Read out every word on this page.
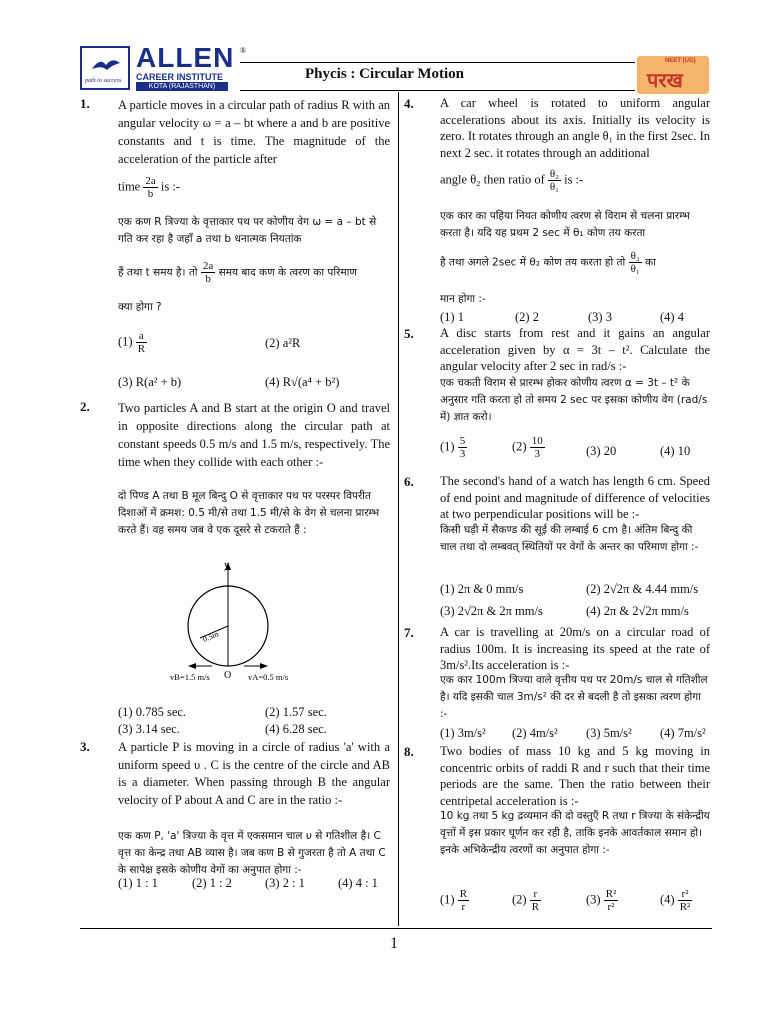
path to success
ALLEN
CAREER INSTITUTE
KOTA (RAJASTHAN)
®
Phycis : Circular Motion
NEET (UG)
परख
1. A particle moves in a circular path of radius R with an angular velocity ω = a – bt where a and b are positive constants and t is time. The magnitude of the acceleration of the particle after
time $\frac{2a}{b}$ is :-
एक कण R त्रिज्या के वृत्ताकार पथ पर कोणीय वेग ω = a – bt से गति कर रहा है जहाँ a तथा b धनात्मक नियतांक
हैं तथा t समय है। तो $\frac{2a}{b}$ समय बाद कण के त्वरण का परिमाण
क्या होगा ?
$(1) \frac{a}{R}$	(2) a²R
(3) R(a² + b)	(4) R√(a⁴ + b²)
2. Two particles A and B start at the origin O and travel in opposite directions along the circular path at constant speeds 0.5 m/s and 1.5 m/s, respectively. The time when they collide with each other :-
दो पिण्ड A तथा B मूल बिन्दु O से वृत्ताकार पथ पर परस्पर विपरीत दिशाओं में क्रमश: 0.5 मी/से तथा 1.5 मी/से के वेग से चलना प्रारम्भ करते हैं। वह समय जब वे एक दूसरे से टकराते हैं :
y
0.5m
vB=1.5 m/s O vA=0.5 m/s
(1) 0.785 sec.	(2) 1.57 sec.
(3) 3.14 sec.	(4) 6.28 sec.
3. A particle P is moving in a circle of radius 'a' with a uniform speed υ . C is the centre of the circle and AB is a diameter. When passing through B the angular velocity of P about A and C are in the ratio :-
एक कण P, 'a' त्रिज्या के वृत्त में एकसमान चाल υ से गतिशील है। C वृत्त का केन्द्र तथा AB व्यास है। जब कण B से गुजरता है तो A तथा C के सापेक्ष इसके कोणीय वेगों का अनुपात होगा :-
(1) 1 : 1	(2) 1 : 2	(3) 2 : 1	(4) 4 : 1
4. A car wheel is rotated to uniform angular accelerations about its axis. Initially its velocity is zero. It rotates through an angle θ₁ in the first 2sec. In next 2 sec. it rotates through an additional
angle θ₂ then ratio of $\frac{\text{θ₂}}{\text{θ₁}}$ is :-
एक कार का पहिया नियत कोणीय त्वरण से विराम से चलना प्रारम्भ करता है। यदि यह प्रथम 2 sec में θ₁ कोण तय करता
है तथा अगले 2sec में θ₂ कोण तय करता हो तो $\frac{\text{θ₂}}{\text{θ₁}}$ का
मान होगा :-
(1) 1	(2) 2	(3) 3	(4) 4
5. A disc starts from rest and it gains an angular acceleration given by α = 3t – t². Calculate the angular velocity after 2 sec in rad/s :-
एक चकती विराम से प्रारम्भ होकर कोणीय त्वरण α = 3t – t² के अनुसार गति करता हो तो समय 2 sec पर इसका कोणीय वेग (rad/s में) ज्ञात करो।
$(1) \frac{5}{3}$	$(2) \frac{10}{3}$	(3) 20	(4) 10
6. The second's hand of a watch has length 6 cm. Speed of end point and magnitude of difference of velocities at two perpendicular positions will be :-
किसी घड़ी में सैकण्ड की सूई की लम्बाई 6 cm है। अंतिम बिन्दु की चाल तथा दो लम्बवत् स्थितियों पर वेगों के अन्तर का परिमाण होगा :-
(1) 2π & 0 mm/s	(2) 2√2π & 4.44 mm/s
(3) 2√2π & 2π mm/s	(4) 2π & 2√2π mm/s
7. A car is travelling at 20m/s on a circular road of radius 100m. It is increasing its speed at the rate of 3m/s².Its acceleration is :-
एक कार 100m त्रिज्या वाले वृत्तीय पथ पर 20m/s चाल से गतिशील है। यदि इसकी चाल 3m/s² की दर से बदली है तो इसका त्वरण होगा :-
(1) 3m/s² (2) 4m/s² (3) 5m/s² (4) 7m/s²
8. Two bodies of mass 10 kg and 5 kg moving in concentric orbits of raddi R and r such that their time periods are the same. Then the ratio between their centripetal acceleration is :-
10 kg तथा 5 kg द्रव्यमान की दो वस्तुएँ R तथा r त्रिज्या के संकेन्द्रीय वृत्तों में इस प्रकार घूर्णन कर रही है, ताकि इनके आवर्तकाल समान हो। इनके अभिकेन्द्रीय त्वरणों का अनुपात होगा :-
$(1) \frac{R}{r}$	$(2) \frac{r}{R}$	$(3) \frac{\text{R²}}{\text{r²}}$	$(4) \frac{\text{r²}}{\text{R²}}$
1
